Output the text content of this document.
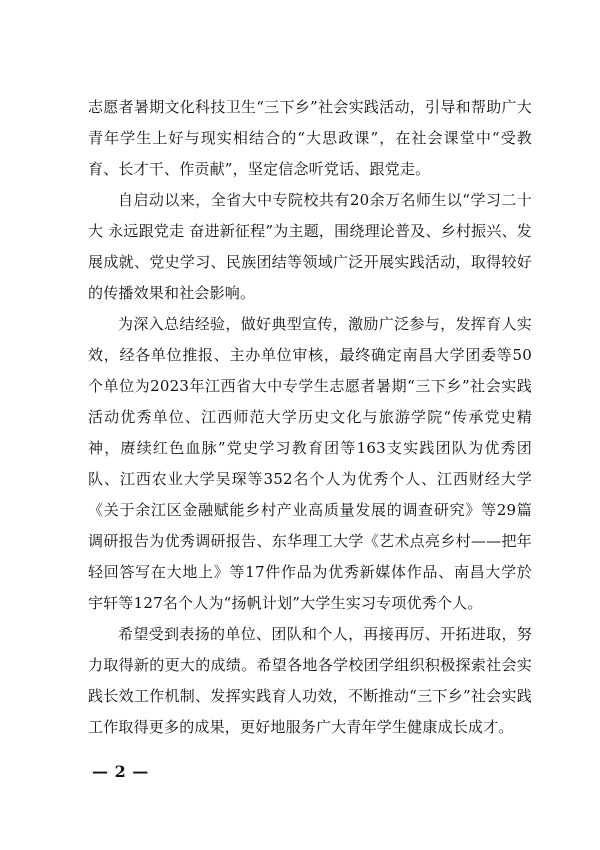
志愿者暑期文化科技卫生“三下乡”社会实践活动，引导和帮助广大青年学生上好与现实相结合的“大思政课”，在社会课堂中“受教育、长才干、作贡献”，坚定信念听党话、跟党走。

自启动以来，全省大中专院校共有20余万名师生以“学习二十大 永远跟党走 奋进新征程”为主题，围绕理论普及、乡村振兴、发展成就、党史学习、民族团结等领域广泛开展实践活动，取得较好的传播效果和社会影响。

为深入总结经验，做好典型宣传，激励广泛参与，发挥育人实效，经各单位推报、主办单位审核，最终确定南昌大学团委等50个单位为2023年江西省大中专学生志愿者暑期“三下乡”社会实践活动优秀单位、江西师范大学历史文化与旅游学院“传承党史精神，赓续红色血脉”党史学习教育团等163支实践团队为优秀团队、江西农业大学吴琛等352名个人为优秀个人、江西财经大学《关于余江区金融赋能乡村产业高质量发展的调查研究》等29篇调研报告为优秀调研报告、东华理工大学《艺术点亮乡村——把年轻回答写在大地上》等17件作品为优秀新媒体作品、南昌大学於宇轩等127名个人为“扬帆计划”大学生实习专项优秀个人。

希望受到表扬的单位、团队和个人，再接再厉、开拓进取，努力取得新的更大的成绩。希望各地各学校团学组织积极探索社会实践长效工作机制、发挥实践育人功效，不断推动“三下乡”社会实践工作取得更多的成果，更好地服务广大青年学生健康成长成才。

— 2 —
